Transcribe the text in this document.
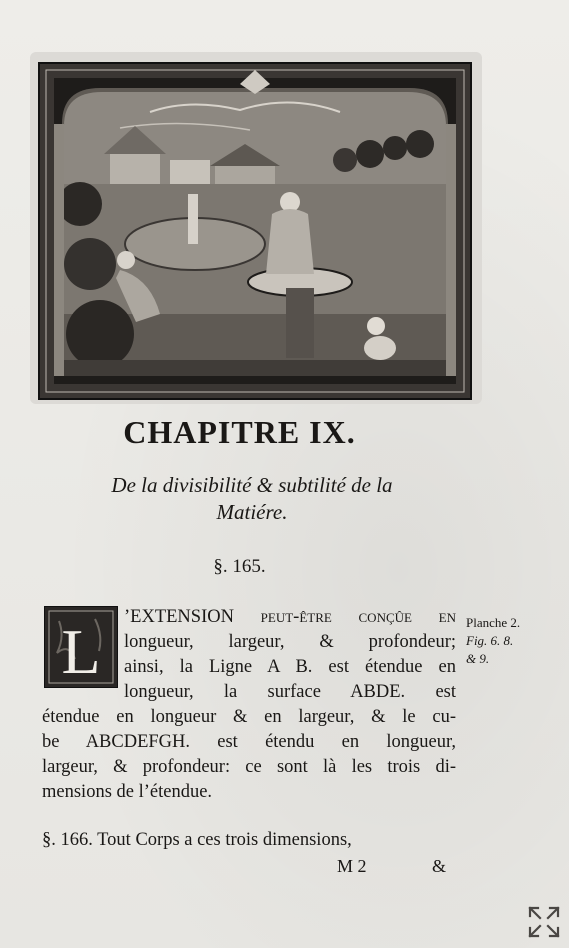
CHAPITRE IX.
De la divisibilité & subtilité de la
Matiére.
§. 165.
L	’EXTENSION peut-être conçûe en
longueur, largeur, & profondeur;
ainsi, la Ligne A B. est étendue en
longueur, la surface ABDE. est
étendue en longueur & en largeur, & le cu-
be ABCDEFGH. est étendu en longueur,
largeur, & profondeur: ce sont là les trois di-
mensions de l’étendue.
Planche 2.
Fig. 6. 8.
& 9.
§. 166. Tout Corps a ces trois dimensions,
M 2	&
